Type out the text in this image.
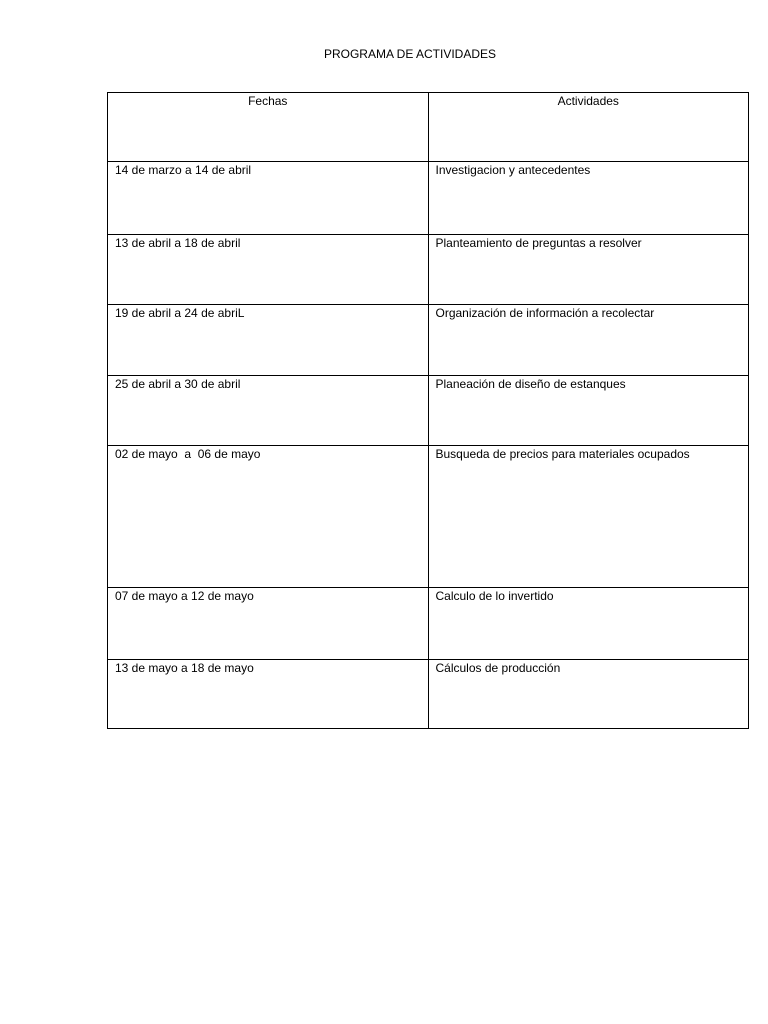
PROGRAMA DE ACTIVIDADES
Fechas	Actividades
14 de marzo a 14 de abril	Investigacion y antecedentes
13 de abril a 18 de abril	Planteamiento de preguntas a resolver
19 de abril a 24 de abriL	Organización de información a recolectar
25 de abril a 30 de abril	Planeación de diseño de estanques
02 de mayo  a  06 de mayo	Busqueda de precios para materiales ocupados
07 de mayo a 12 de mayo	Calculo de lo invertido
13 de mayo a 18 de mayo	Cálculos de producción
